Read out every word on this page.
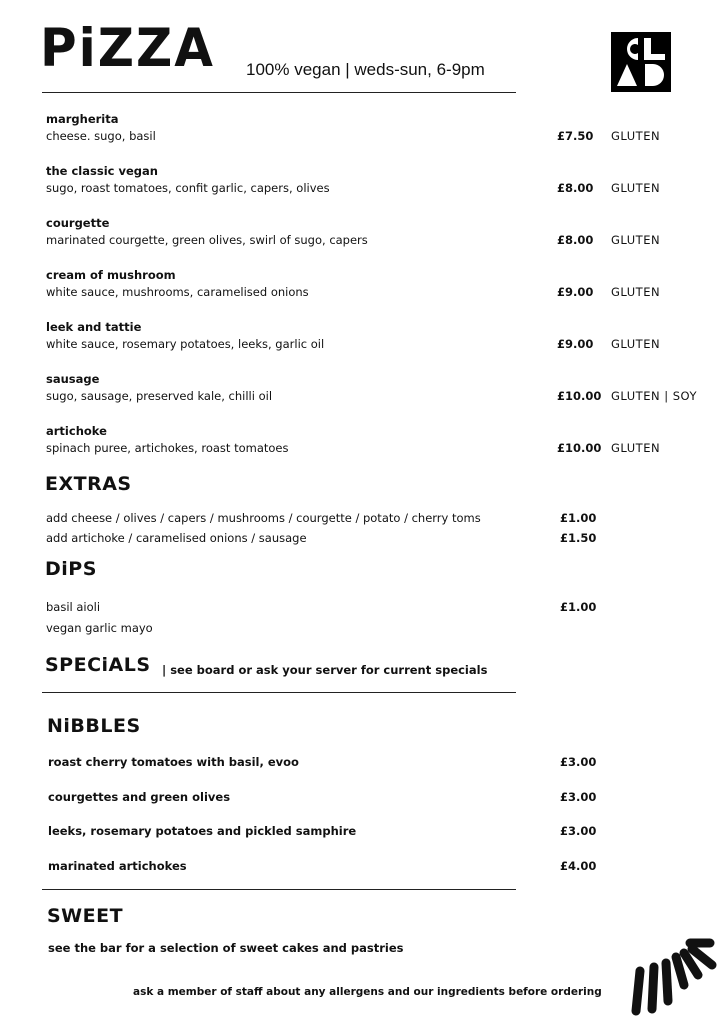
PiZZA 100% vegan | weds-sun, 6-9pm
margherita
cheese. sugo, basil	£7.50 GLUTEN
the classic vegan
sugo, roast tomatoes, confit garlic, capers, olives	£8.00 GLUTEN
courgette
marinated courgette, green olives, swirl of sugo, capers	£8.00 GLUTEN
cream of mushroom
white sauce, mushrooms, caramelised onions	£9.00 GLUTEN
leek and tattie
white sauce, rosemary potatoes, leeks, garlic oil	£9.00 GLUTEN
sausage
sugo, sausage, preserved kale, chilli oil	£10.00 GLUTEN | SOY
artichoke
spinach puree, artichokes, roast tomatoes	£10.00 GLUTEN
EXTRAS
add cheese / olives / capers / mushrooms / courgette / potato / cherry toms	£1.00
add artichoke / caramelised onions / sausage	£1.50
DiPS
basil aioli	£1.00
vegan garlic mayo
SPECiALS | see board or ask your server for current specials
NiBBLES
roast cherry tomatoes with basil, evoo	£3.00
courgettes and green olives	£3.00
leeks, rosemary potatoes and pickled samphire	£3.00
marinated artichokes	£4.00
SWEET
see the bar for a selection of sweet cakes and pastries
ask a member of staff about any allergens and our ingredients before ordering
